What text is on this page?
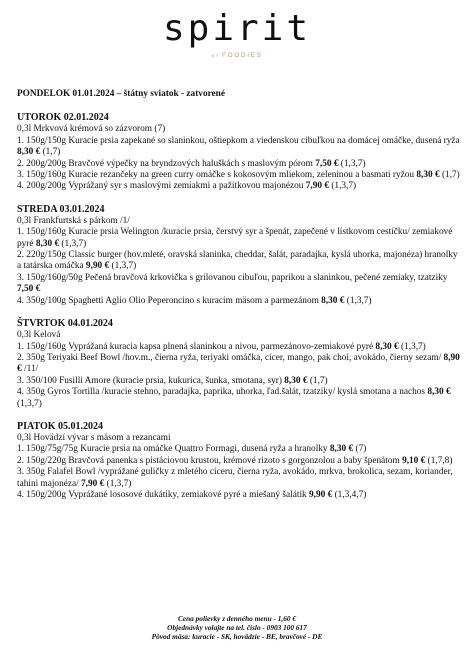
spirit
BY FOODIES
PONDELOK 01.01.2024 – štátny sviatok - zatvorené
UTOROK 02.01.2024
0,3l Mrkvová krémová so zázvorom (7)
1. 150g/150g Kuracie prsia zapekané so slaninkou, oštiepkom a viedenskou cibuľkou na domácej omáčke, dusená ryža 8,30 € (1,7)
2. 200g/200g Bravčové výpečky na bryndzových haluškách s maslovým pórom 7,50 € (1,3,7)
3. 150g/160g Kuracie rezančeky na green curry omáčke s kokosovým mliekom, zeleninou a basmati ryžou 8,30 € (1,7)
4. 200g/200g Vyprážaný syr s maslovými zemiakmi a pažítkovou majonézou 7,90 € (1,3,7)
STREDA 03.01.2024
0,3l Frankfurtská s párkom /1/
1. 150g/160g Kuracie prsia Welington /kuracie prsia, čerstvý syr a špenát, zapečené v lístkovom cestíčku/ zemiakové pyré 8,30 € (1,3,7)
2. 220g/150g Classic burger (hov.mleté, oravská slaninka, cheddar, šalát, paradajka, kyslá uhorka, majonéza) hranolky a tatárska omáčka 9,90 € (1,3,7)
3. 150g/160g/50g Pečená bravčová krkovička s grilovanou cibuľou, paprikou a slaninkou, pečené zemiaky, tzatziky 7,50 €
4. 350g/100g Spaghetti Aglio Olio Peperoncino s kuracím mäsom a parmezánom 8,30 € (1,3,7)
ŠTVRTOK 04.01.2024
0,3l Kelová
1. 150g/160g Vyprážaná kuracia kapsa plnená slaninkou a nivou, parmezánovo-zemiakové pyré 8,30 € (1,3,7)
2. 350g Teriyaki Beef Bowl /hov.m., čierna ryža, teriyaki omáčka, cícer, mango, pak choi, avokádo, čierny sezam/ 8,90 € /11/
3. 350/100 Fusilli Amore (kuracie prsia, kukurica, šunka, smotana, syr) 8,30 € (1,7)
4. 350g Gyros Tortilla /kuracie stehno, paradajka, paprika, uhorka, ľad.šalát, tzatziky/ kyslá smotana a nachos 8,30 € (1,3,7)
PIATOK 05.01.2024
0,3l Hovädzí vývar s mäsom a rezancami
1. 150g/75g/75g Kuracie prsia na omáčke Quattro Formagi, dusená ryža a hranolky 8,30 € (7)
2. 150g/220g Bravčová panenka s pistáciovou krustou, krémové rizoto s gorgonzolou a baby špenátom 9,10 € (1,7,8)
3. 350g Falafel Bowl /vyprážané guličky z mletého cíceru, čierna ryža, avokádo, mrkva, brokolica, sezam, koriander, tahini majonéza/ 7,90 € (1,3,7)
4. 150g/200g Vyprážané lososové dukátiky, zemiakové pyré a miešaný šalátik 9,90 € (1,3,4,7)
Cena polievky z denného menu - 1,60 €
Objednávky volajte na tel. číslo - 0903 100 617
Pôvod mäsa: kuracie - SK, hovädzie - BE, bravčové - DE
